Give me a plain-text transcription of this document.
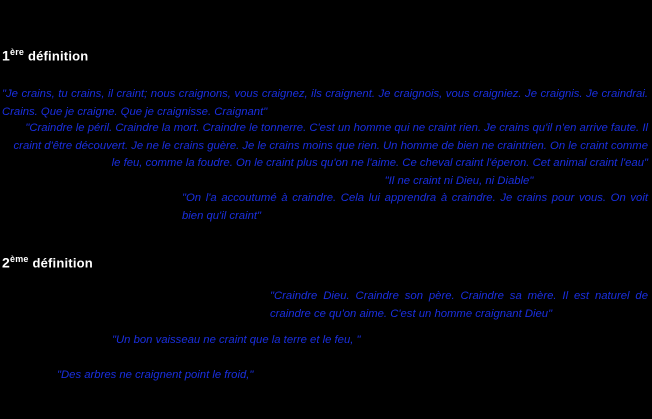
1ère définition
"Je crains, tu crains, il craint; nous craignons, vous craignez, ils craignent. Je craignois, vous craigniez. Je craignis. Je craindrai. Crains. Que je craigne. Que je craignisse. Craignant"
"Craindre le péril. Craindre la mort. Craindre le tonnerre. C'est un homme qui ne craint rien. Je crains qu'il n'en arrive faute. Il craint d'être découvert. Je ne le crains guère. Je le crains moins que rien. Un homme de bien ne craintrien. On le craint comme le feu, comme la foudre. On le craint plus qu'on ne l'aime. Ce cheval craint l'éperon. Cet animal craint l'eau"
"Il ne craint ni Dieu, ni Diable"
"On l'a accoutumé à craindre. Cela lui apprendra à craindre. Je crains pour vous. On voit bien qu'il craint"
2ème définition
"Craindre Dieu. Craindre son père. Craindre sa mère. Il est naturel de craindre ce qu'on aime. C'est un homme craignant Dieu"
"Un bon vaisseau ne craint que la terre et le feu, "
"Des arbres ne craignent point le froid,"
